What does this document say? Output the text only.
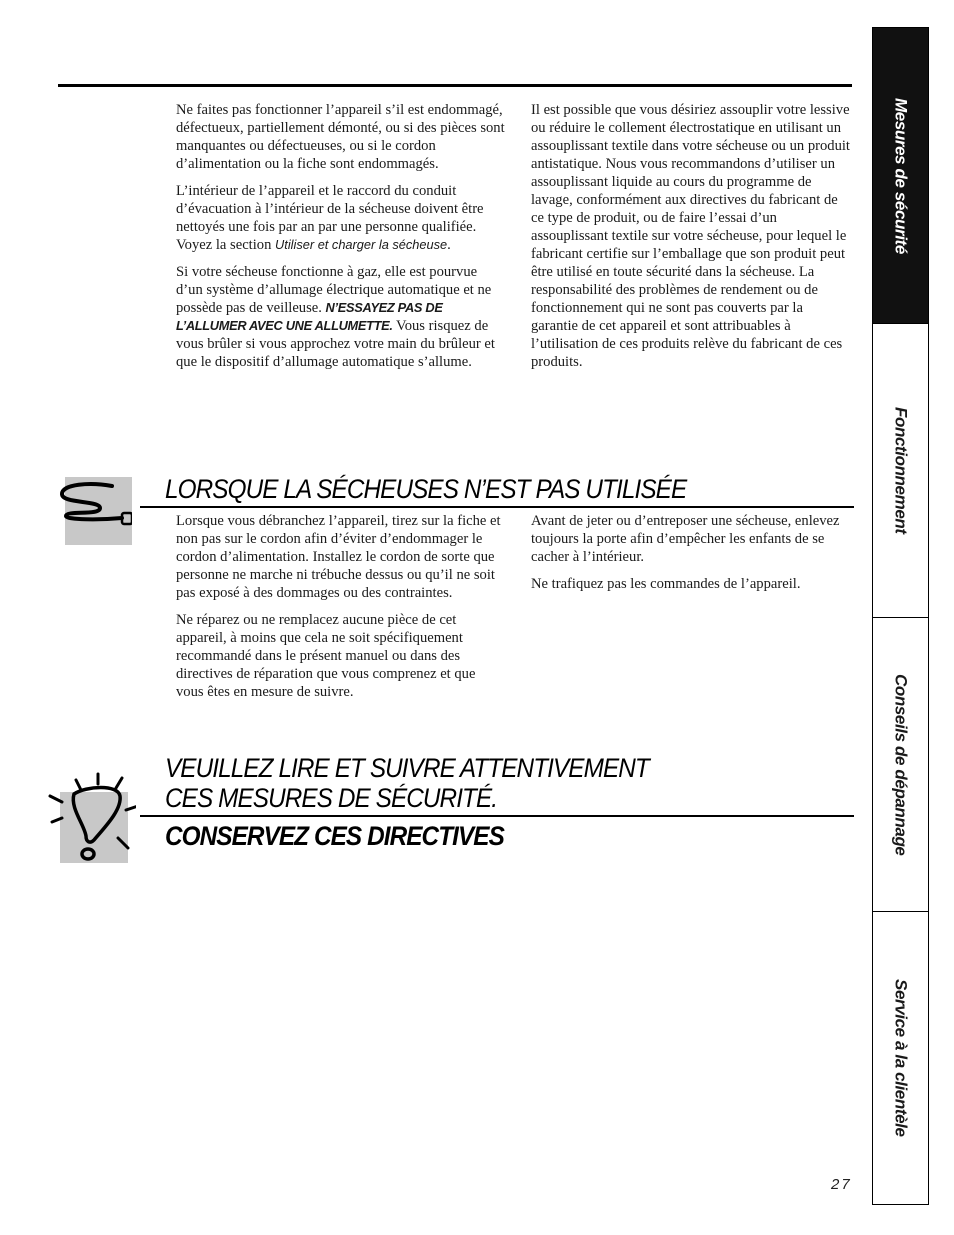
Ne faites pas fonctionner l’appareil s’il est endommagé, défectueux, partiellement démonté, ou si des pièces sont manquantes ou défectueuses, ou si le cordon d’alimentation ou la fiche sont endommagés.

L’intérieur de l’appareil et le raccord du conduit d’évacuation à l’intérieur de la sécheuse doivent être nettoyés une fois par an par une personne qualifiée. Voyez la section Utiliser et charger la sécheuse.

Si votre sécheuse fonctionne à gaz, elle est pourvue d’un système d’allumage électrique automatique et ne possède pas de veilleuse. N’ESSAYEZ PAS DE L’ALLUMER AVEC UNE ALLUMETTE. Vous risquez de vous brûler si vous approchez votre main du brûleur et que le dispositif d’allumage automatique s’allume.

Il est possible que vous désiriez assouplir votre lessive ou réduire le collement électrostatique en utilisant un assouplissant textile dans votre sécheuse ou un produit antistatique. Nous vous recommandons d’utiliser un assouplissant liquide au cours du programme de lavage, conformément aux directives du fabricant de ce type de produit, ou de faire l’essai d’un assouplissant textile sur votre sécheuse, pour lequel le fabricant certifie sur l’emballage que son produit peut être utilisé en toute sécurité dans la sécheuse. La responsabilité des problèmes de rendement ou de fonctionnement qui ne sont pas couverts par la garantie de cet appareil et sont attribuables à l’utilisation de ces produits relève du fabricant de ces produits.

LORSQUE LA SÉCHEUSES N’EST PAS UTILISÉE

Lorsque vous débranchez l’appareil, tirez sur la fiche et non pas sur le cordon afin d’éviter d’endommager le cordon d’alimentation. Installez le cordon de sorte que personne ne marche ni trébuche dessus ou qu’il ne soit pas exposé à des dommages ou des contraintes.

Ne réparez ou ne remplacez aucune pièce de cet appareil, à moins que cela ne soit spécifiquement recommandé dans le présent manuel ou dans des directives de réparation que vous comprenez et que vous êtes en mesure de suivre.

Avant de jeter ou d’entreposer une sécheuse, enlevez toujours la porte afin d’empêcher les enfants de se cacher à l’intérieur.

Ne trafiquez pas les commandes de l’appareil.

VEUILLEZ LIRE ET SUIVRE ATTENTIVEMENT
CES MESURES DE SÉCURITÉ.
CONSERVEZ CES DIRECTIVES
Mesures de sécurité
Fonctionnement
Conseils de dépannage
Service à la clientèle
27
